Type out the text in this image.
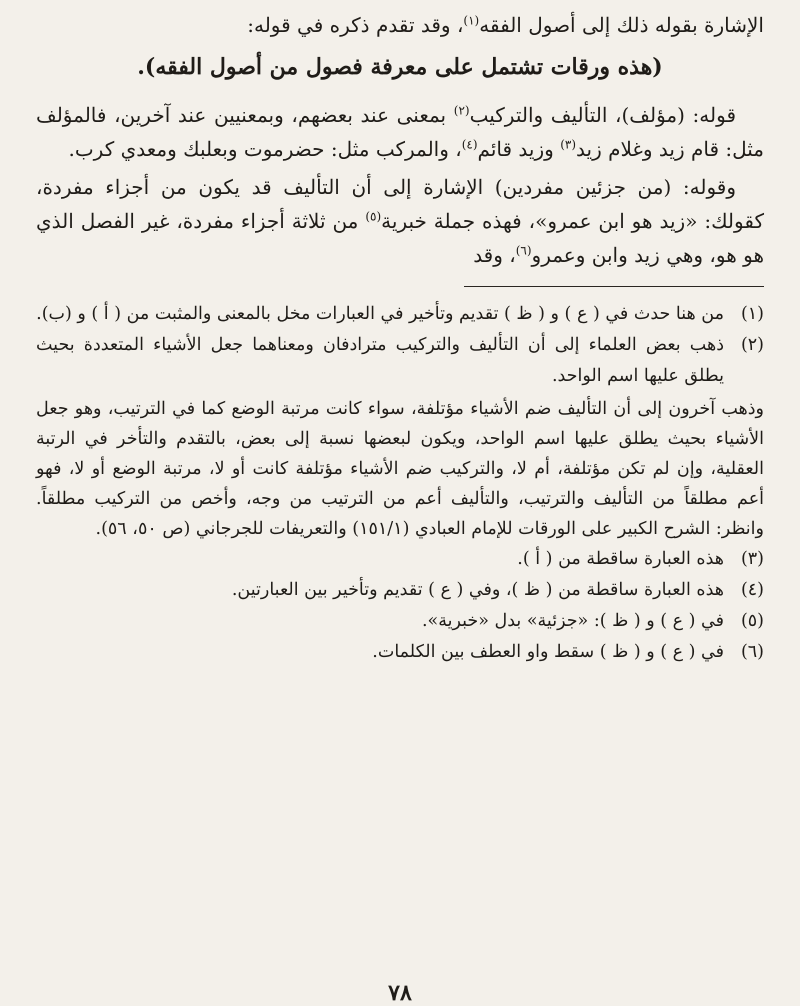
الإشارة بقوله ذلك إلى أصول الفقه$^{(١)}$، وقد تقدم ذكره في قوله:
(هذه ورقات تشتمل على معرفة فصول من أصول الفقه).
قوله: (مؤلف)، التأليف والتركيب$^{(٢)}$ بمعنى عند بعضهم، وبمعنيين عند آخرين، فالمؤلف مثل: قام زيد وغلام زيد$^{(٣)}$ وزيد قائم$^{(٤)}$، والمركب مثل: حضرموت وبعلبك ومعدي كرب.
وقوله: (من جزئين مفردين) الإشارة إلى أن التأليف قد يكون من أجزاء مفردة، كقولك: «زيد هو ابن عمرو»، فهذه جملة خبرية$^{(٥)}$ من ثلاثة أجزاء مفردة، غير الفصل الذي هو هو، وهي زيد وابن وعمرو$^{(٦)}$، وقد
(١)
من هنا حدث في ( ع ) و ( ظ ) تقديم وتأخير في العبارات مخل بالمعنى والمثبت من ( أ ) و (ب).
(٢)
ذهب بعض العلماء إلى أن التأليف والتركيب مترادفان ومعناهما جعل الأشياء المتعددة بحيث يطلق عليها اسم الواحد.
وذهب آخرون إلى أن التأليف ضم الأشياء مؤتلفة، سواء كانت مرتبة الوضع كما في الترتيب، وهو جعل الأشياء بحيث يطلق عليها اسم الواحد، ويكون لبعضها نسبة إلى بعض، بالتقدم والتأخر في الرتبة العقلية، وإن لم تكن مؤتلفة، أم لا، والتركيب ضم الأشياء مؤتلفة كانت أو لا، مرتبة الوضع أو لا، فهو أعم مطلقاً من التأليف والترتيب، والتأليف أعم من الترتيب من وجه، وأخص من التركيب مطلقاً. وانظر: الشرح الكبير على الورقات للإمام العبادي (١٥١/١) والتعريفات للجرجاني (ص ٥٠، ٥٦).
(٣)
هذه العبارة ساقطة من ( أ ).
(٤)
هذه العبارة ساقطة من ( ظ )، وفي ( ع ) تقديم وتأخير بين العبارتين.
(٥)
في ( ع ) و ( ظ ): «جزئية» بدل «خبرية».
(٦)
في ( ع ) و ( ظ ) سقط واو العطف بين الكلمات.
٧٨
